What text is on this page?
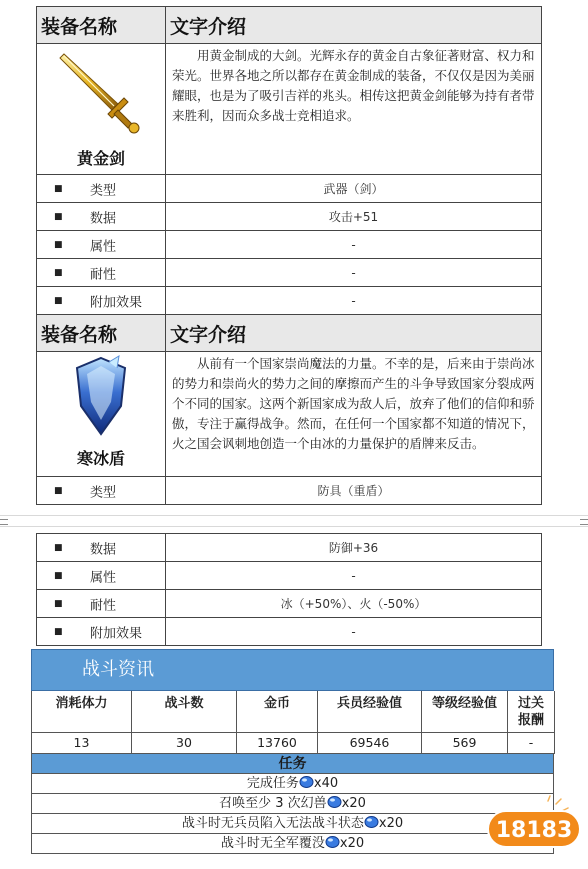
装备名称	文字介绍

黄金剑	用黄金制成的大剑。光辉永存的黄金自古象征著财富、权力和荣光。世界各地之所以都存在黄金制成的装备，不仅仅是因为美丽耀眼，也是为了吸引吉祥的兆头。相传这把黄金剑能够为持有者带来胜利，因而众多战士竞相追求。

■ 类型	武器（剑）

■ 数据	攻击+51

■ 属性	-

■ 耐性	-

■ 附加效果	-
装备名称	文字介绍

寒冰盾	从前有一个国家崇尚魔法的力量。不幸的是，后来由于崇尚冰的势力和崇尚火的势力之间的摩擦而产生的斗争导致国家分裂成两个不同的国家。这两个新国家成为敌人后，放弃了他们的信仰和骄傲，专注于赢得战争。然而，在任何一个国家都不知道的情况下，火之国会讽刺地创造一个由冰的力量保护的盾牌来反击。

■ 类型	防具（重盾）
■ 数据	防御+36

■ 属性	-

■ 耐性	冰（+50%）、火（-50%）

■ 附加效果	-
战斗资讯
消耗体力	战斗数	金币	兵员经验值	等级经验值	过关报酬
13	30	13760	69546	569	-
任务
完成任务 x40
召唤至少 3 次幻兽 x20
战斗时无兵员陷入无法战斗状态 x20
战斗时无全军覆没 x20
18183
